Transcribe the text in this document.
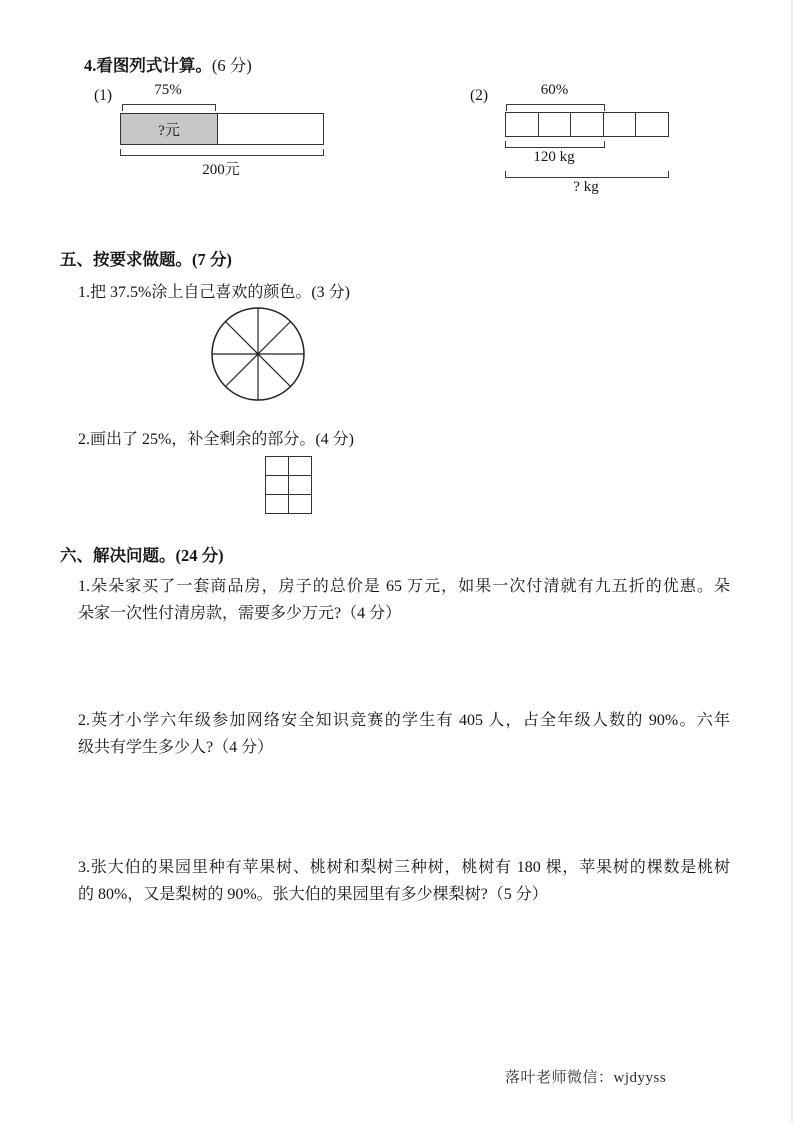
4.看图列式计算。(6 分)
(1)	75%
?元
200元
(2)	60%
120 kg
? kg
五、按要求做题。(7 分)
1.把 37.5%涂上自己喜欢的颜色。(3 分)
2.画出了 25%，补全剩余的部分。(4 分)
六、解决问题。(24 分)
1.朵朵家买了一套商品房，房子的总价是 65 万元，如果一次付清就有九五折的优惠。朵
朵家一次性付清房款，需要多少万元?（4 分）
2.英才小学六年级参加网络安全知识竞赛的学生有 405 人，占全年级人数的 90%。六年
级共有学生多少人?（4 分）
3.张大伯的果园里种有苹果树、桃树和梨树三种树，桃树有 180 棵，苹果树的棵数是桃树
的 80%，又是梨树的 90%。张大伯的果园里有多少棵梨树?（5 分）
落叶老师微信：wjdyyss
